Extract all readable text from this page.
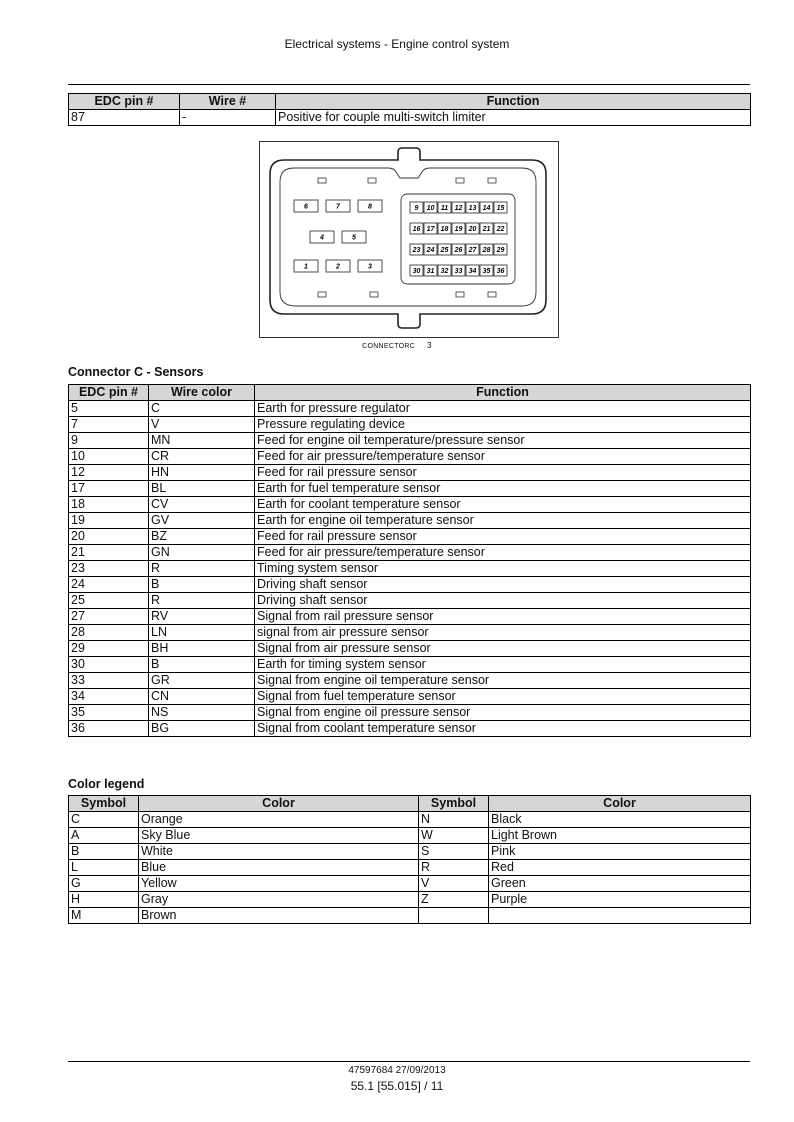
Electrical systems - Engine control system
EDC pin #	Wire #	Function
87	-	Positive for couple multi-switch limiter
6	7	8
4	5
1	2	3
9 10 11 12 13 14 15
16 17 18 19 20 21 22
23 24 25 26 27 28 29
30 31 32 33 34 35 36
CONNECTORC 3
Connector C - Sensors
EDC pin #	Wire color	Function
5	C	Earth for pressure regulator
7	V	Pressure regulating device
9	MN	Feed for engine oil temperature/pressure sensor
10	CR	Feed for air pressure/temperature sensor
12	HN	Feed for rail pressure sensor
17	BL	Earth for fuel temperature sensor
18	CV	Earth for coolant temperature sensor
19	GV	Earth for engine oil temperature sensor
20	BZ	Feed for rail pressure sensor
21	GN	Feed for air pressure/temperature sensor
23	R	Timing system sensor
24	B	Driving shaft sensor
25	R	Driving shaft sensor
27	RV	Signal from rail pressure sensor
28	LN	signal from air pressure sensor
29	BH	Signal from air pressure sensor
30	B	Earth for timing system sensor
33	GR	Signal from engine oil temperature sensor
34	CN	Signal from fuel temperature sensor
35	NS	Signal from engine oil pressure sensor
36	BG	Signal from coolant temperature sensor
Color legend
Symbol	Color	Symbol	Color
C	Orange	N	Black
A	Sky Blue	W	Light Brown
B	White	S	Pink
L	Blue	R	Red
G	Yellow	V	Green
H	Gray	Z	Purple
M	Brown		
47597684 27/09/2013
55.1 [55.015] / 11
